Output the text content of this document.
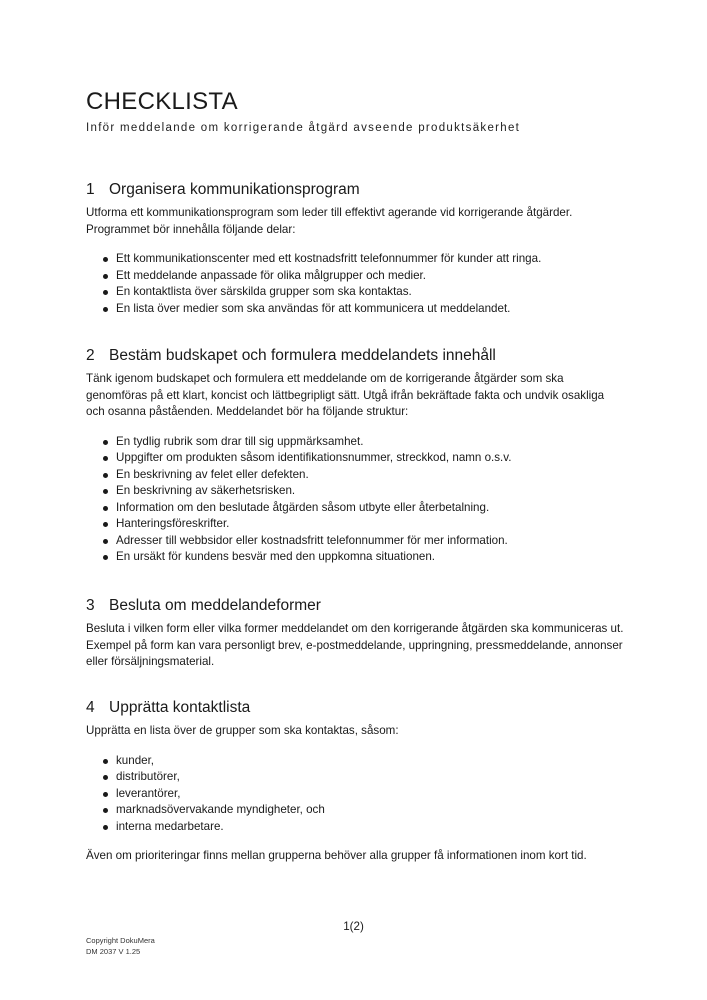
CHECKLISTA

Inför meddelande om korrigerande åtgärd avseende produktsäkerhet

1 Organisera kommunikationsprogram

Utforma ett kommunikationsprogram som leder till effektivt agerande vid korrigerande åtgärder. Programmet bör innehålla följande delar:

Ett kommunikationscenter med ett kostnadsfritt telefonnummer för kunder att ringa.
Ett meddelande anpassade för olika målgrupper och medier.
En kontaktlista över särskilda grupper som ska kontaktas.
En lista över medier som ska användas för att kommunicera ut meddelandet.
2 Bestäm budskapet och formulera meddelandets innehåll

Tänk igenom budskapet och formulera ett meddelande om de korrigerande åtgärder som ska genomföras på ett klart, koncist och lättbegripligt sätt. Utgå ifrån bekräftade fakta och undvik osakliga och osanna påståenden. Meddelandet bör ha följande struktur:

En tydlig rubrik som drar till sig uppmärksamhet.
Uppgifter om produkten såsom identifikationsnummer, streckkod, namn o.s.v.
En beskrivning av felet eller defekten.
En beskrivning av säkerhetsrisken.
Information om den beslutade åtgärden såsom utbyte eller återbetalning.
Hanteringsföreskrifter.
Adresser till webbsidor eller kostnadsfritt telefonnummer för mer information.
En ursäkt för kundens besvär med den uppkomna situationen.
3 Besluta om meddelandeformer

Besluta i vilken form eller vilka former meddelandet om den korrigerande åtgärden ska kommuniceras ut. Exempel på form kan vara personligt brev, e-postmeddelande, uppringning, pressmeddelande, annonser eller försäljningsmaterial.

4 Upprätta kontaktlista

Upprätta en lista över de grupper som ska kontaktas, såsom:

kunder,
distributörer,
leverantörer,
marknadsövervakande myndigheter, och
interna medarbetare.

Även om prioriteringar finns mellan grupperna behöver alla grupper få informationen inom kort tid.

1(2)
Copyright DokuMera
DM 2037 V 1.25
